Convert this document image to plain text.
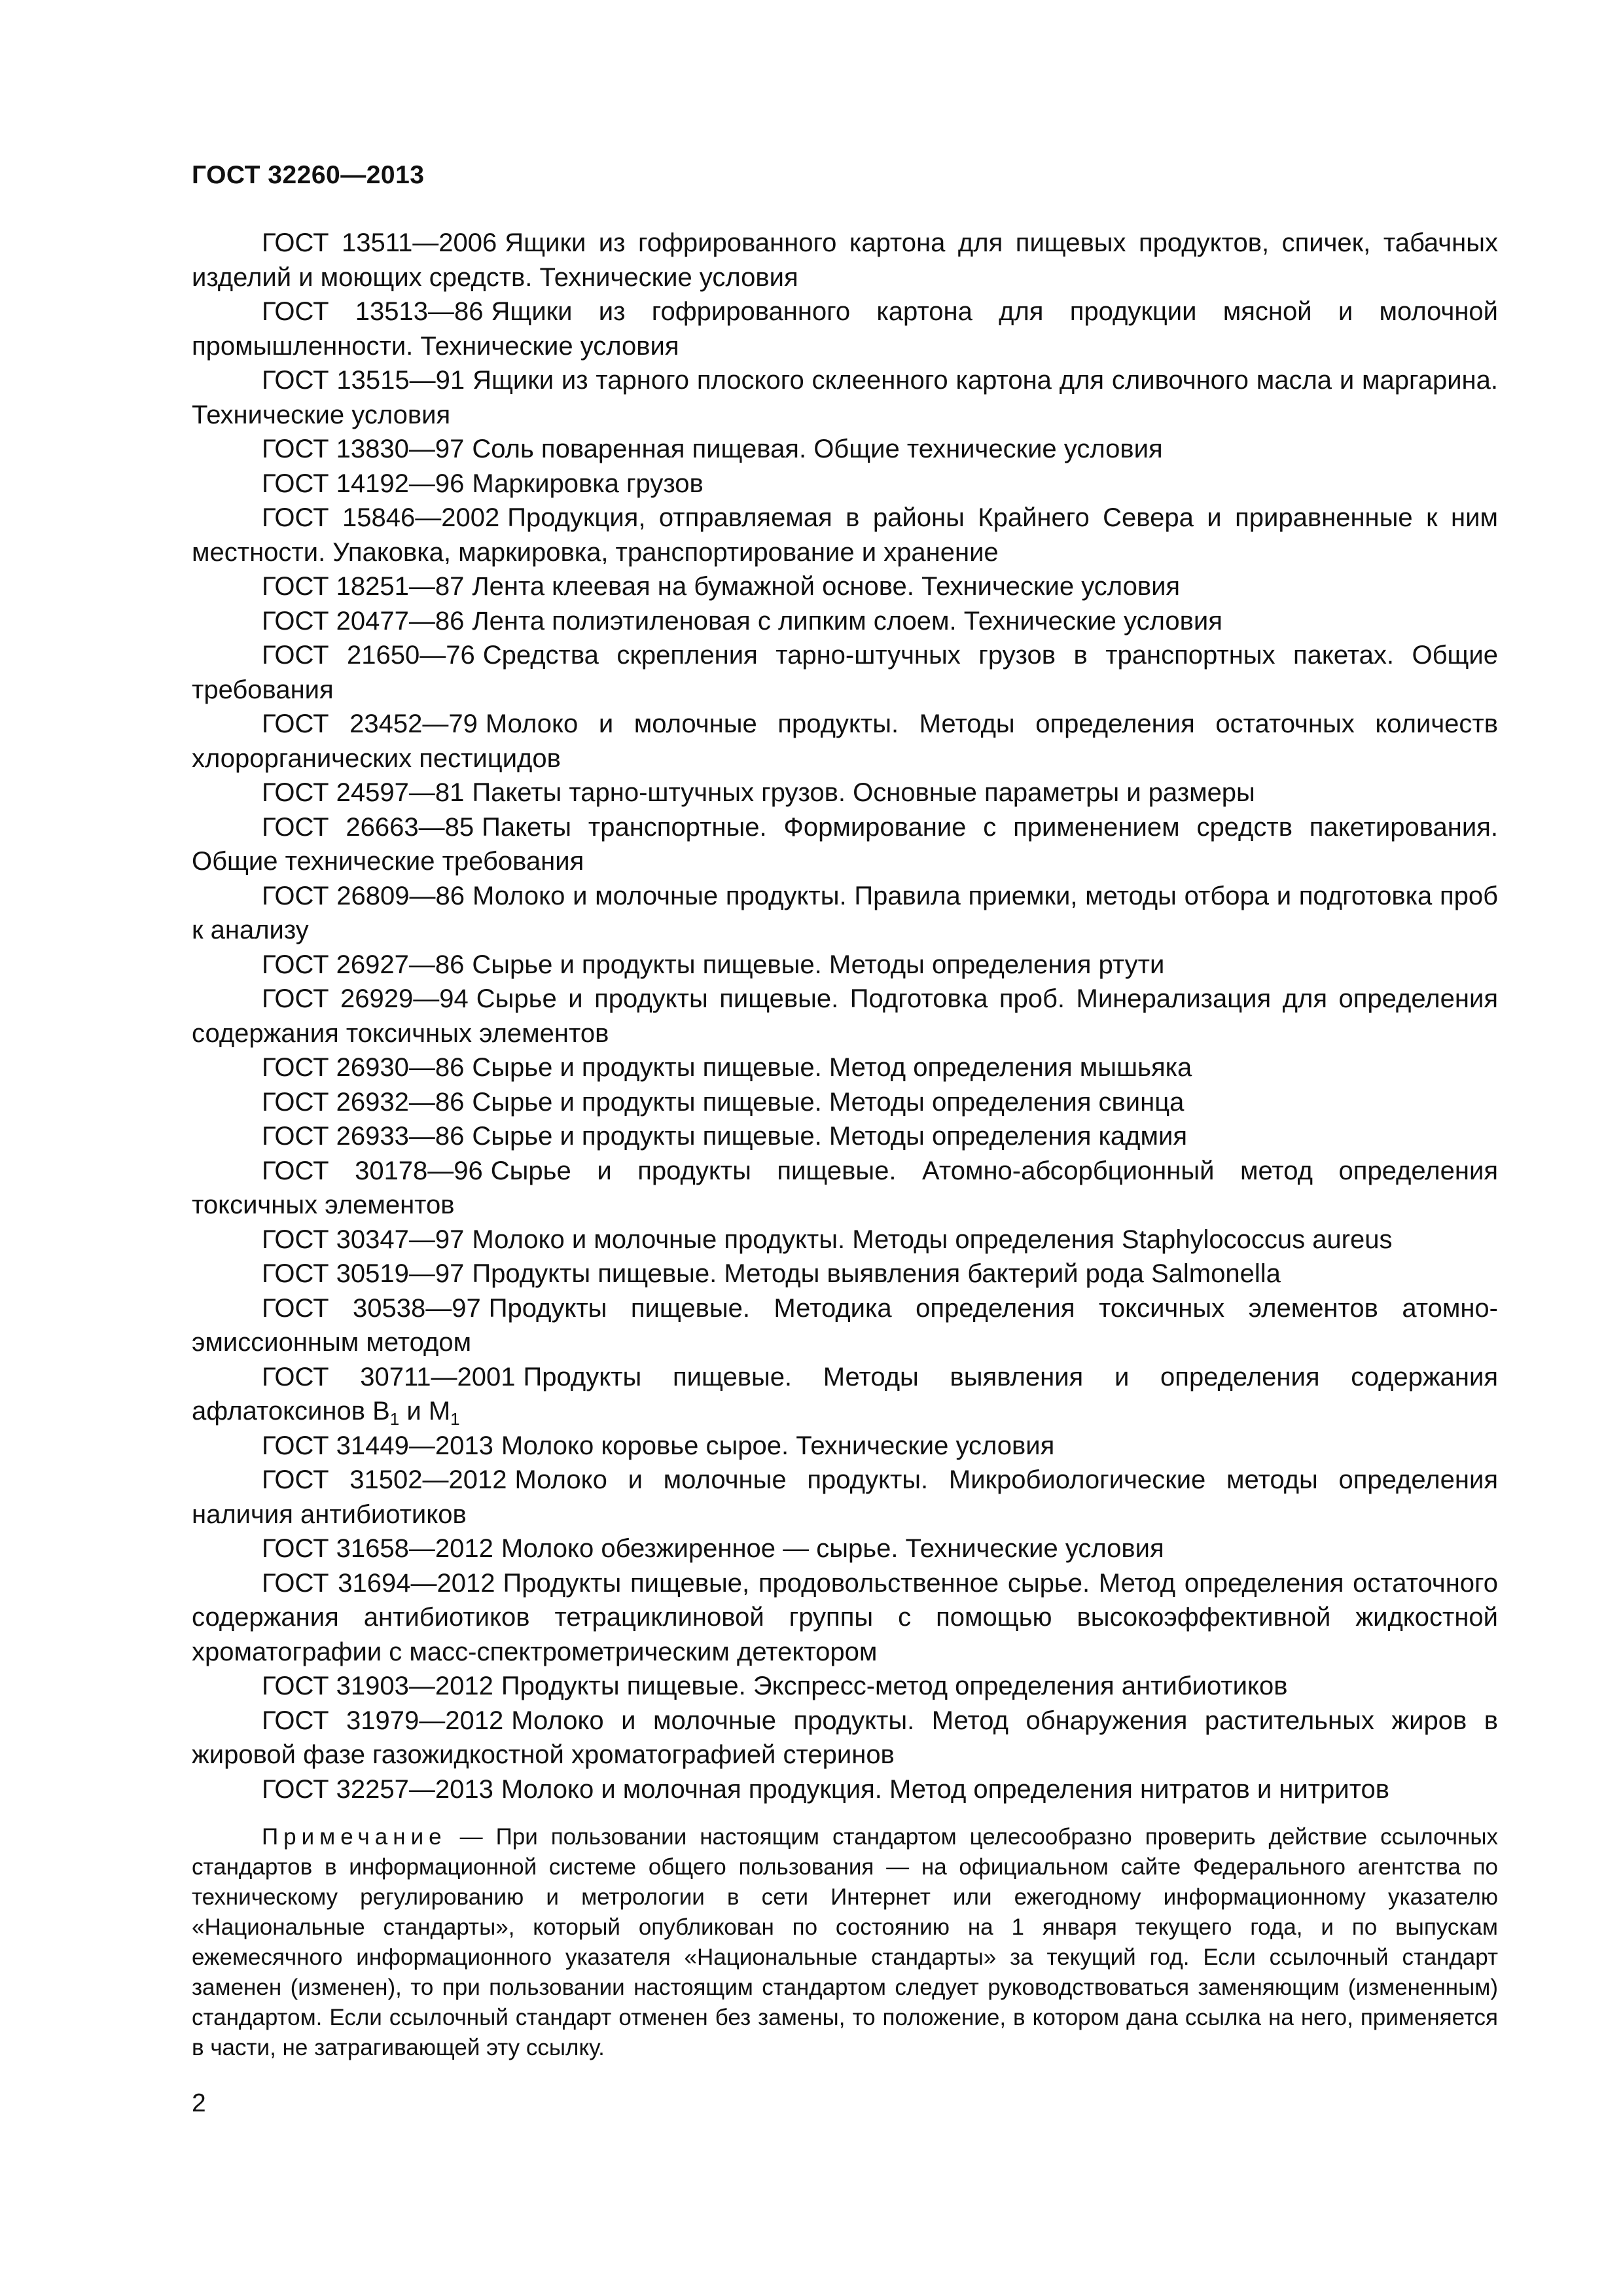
ГОСТ 32260—2013

ГОСТ 13511—2006 Ящики из гофрированного картона для пищевых продуктов, спичек, табачных изделий и моющих средств. Технические условия

ГОСТ 13513—86 Ящики из гофрированного картона для продукции мясной и молочной промышленности. Технические условия

ГОСТ 13515—91 Ящики из тарного плоского склеенного картона для сливочного масла и маргарина. Технические условия

ГОСТ 13830—97 Соль поваренная пищевая. Общие технические условия

ГОСТ 14192—96 Маркировка грузов

ГОСТ 15846—2002 Продукция, отправляемая в районы Крайнего Севера и приравненные к ним местности. Упаковка, маркировка, транспортирование и хранение

ГОСТ 18251—87 Лента клеевая на бумажной основе. Технические условия

ГОСТ 20477—86 Лента полиэтиленовая с липким слоем. Технические условия

ГОСТ 21650—76 Средства скрепления тарно-штучных грузов в транспортных пакетах. Общие требования

ГОСТ 23452—79 Молоко и молочные продукты. Методы определения остаточных количеств хлорорганических пестицидов

ГОСТ 24597—81 Пакеты тарно-штучных грузов. Основные параметры и размеры

ГОСТ 26663—85 Пакеты транспортные. Формирование с применением средств пакетирования. Общие технические требования

ГОСТ 26809—86 Молоко и молочные продукты. Правила приемки, методы отбора и подготовка проб к анализу

ГОСТ 26927—86 Сырье и продукты пищевые. Методы определения ртути

ГОСТ 26929—94 Сырье и продукты пищевые. Подготовка проб. Минерализация для определения содержания токсичных элементов

ГОСТ 26930—86 Сырье и продукты пищевые. Метод определения мышьяка

ГОСТ 26932—86 Сырье и продукты пищевые. Методы определения свинца

ГОСТ 26933—86 Сырье и продукты пищевые. Методы определения кадмия

ГОСТ 30178—96 Сырье и продукты пищевые. Атомно-абсорбционный метод определения токсичных элементов

ГОСТ 30347—97 Молоко и молочные продукты. Методы определения Staphylococcus aureus

ГОСТ 30519—97 Продукты пищевые. Методы выявления бактерий рода Salmonella

ГОСТ 30538—97 Продукты пищевые. Методика определения токсичных элементов атомно-эмиссионным методом

ГОСТ 30711—2001 Продукты пищевые. Методы выявления и определения содержания афлатоксинов $B_1$ и $M_1$

ГОСТ 31449—2013 Молоко коровье сырое. Технические условия

ГОСТ 31502—2012 Молоко и молочные продукты. Микробиологические методы определения наличия антибиотиков

ГОСТ 31658—2012 Молоко обезжиренное — сырье. Технические условия

ГОСТ 31694—2012 Продукты пищевые, продовольственное сырье. Метод определения остаточного содержания антибиотиков тетрациклиновой группы с помощью высокоэффективной жидкостной хроматографии с масс-спектрометрическим детектором

ГОСТ 31903—2012 Продукты пищевые. Экспресс-метод определения антибиотиков

ГОСТ 31979—2012 Молоко и молочные продукты. Метод обнаружения растительных жиров в жировой фазе газожидкостной хроматографией стеринов

ГОСТ 32257—2013 Молоко и молочная продукция. Метод определения нитратов и нитритов

Примечание — При пользовании настоящим стандартом целесообразно проверить действие ссылочных стандартов в информационной системе общего пользования — на официальном сайте Федерального агентства по техническому регулированию и метрологии в сети Интернет или ежегодному информационному указателю «Национальные стандарты», который опубликован по состоянию на 1 января текущего года, и по выпускам ежемесячного информационного указателя «Национальные стандарты» за текущий год. Если ссылочный стандарт заменен (изменен), то при пользовании настоящим стандартом следует руководствоваться заменяющим (измененным) стандартом. Если ссылочный стандарт отменен без замены, то положение, в котором дана ссылка на него, применяется в части, не затрагивающей эту ссылку.

2
